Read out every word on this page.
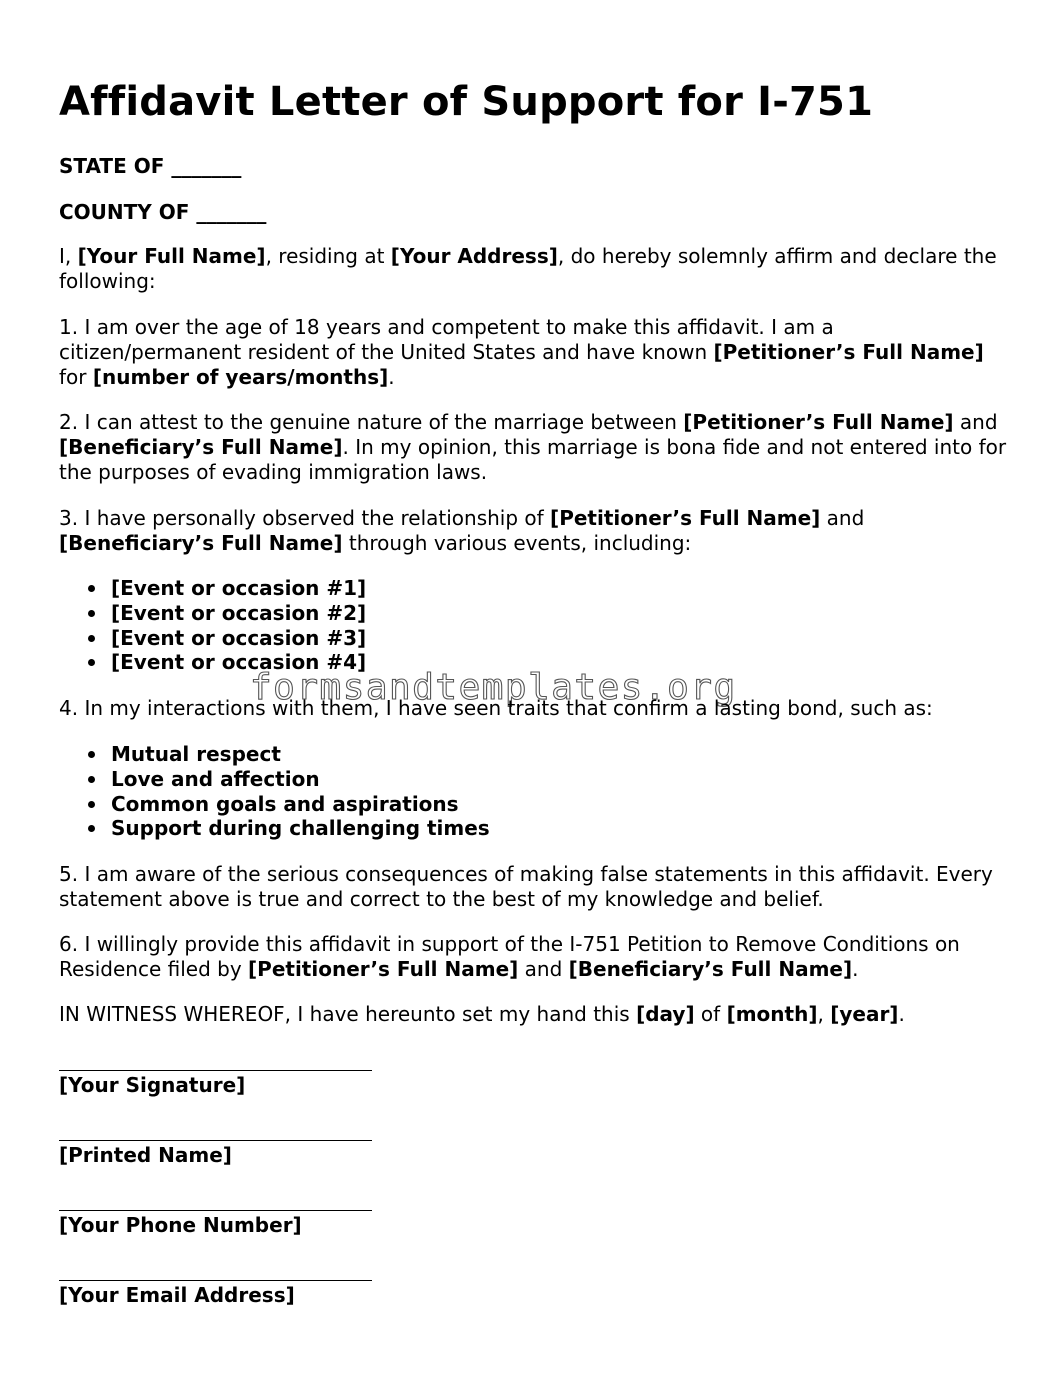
formsandtemplates.org
Affidavit Letter of Support for I-751
STATE OF _______
COUNTY OF _______
I, [Your Full Name], residing at [Your Address], do hereby solemnly affirm and declare the following:
1. I am over the age of 18 years and competent to make this affidavit. I am a citizen/permanent resident of the United States and have known [Petitioner’s Full Name] for [number of years/months].
2. I can attest to the genuine nature of the marriage between [Petitioner’s Full Name] and [Beneficiary’s Full Name]. In my opinion, this marriage is bona fide and not entered into for the purposes of evading immigration laws.
3. I have personally observed the relationship of [Petitioner’s Full Name] and [Beneficiary’s Full Name] through various events, including:
[Event or occasion #1]
[Event or occasion #2]
[Event or occasion #3]
[Event or occasion #4]
4. In my interactions with them, I have seen traits that confirm a lasting bond, such as:
Mutual respect
Love and affection
Common goals and aspirations
Support during challenging times
5. I am aware of the serious consequences of making false statements in this affidavit. Every statement above is true and correct to the best of my knowledge and belief.
6. I willingly provide this affidavit in support of the I-751 Petition to Remove Conditions on Residence filed by [Petitioner’s Full Name] and [Beneficiary’s Full Name].
IN WITNESS WHEREOF, I have hereunto set my hand this [day] of [month], [year].
[Your Signature]
[Printed Name]
[Your Phone Number]
[Your Email Address]
